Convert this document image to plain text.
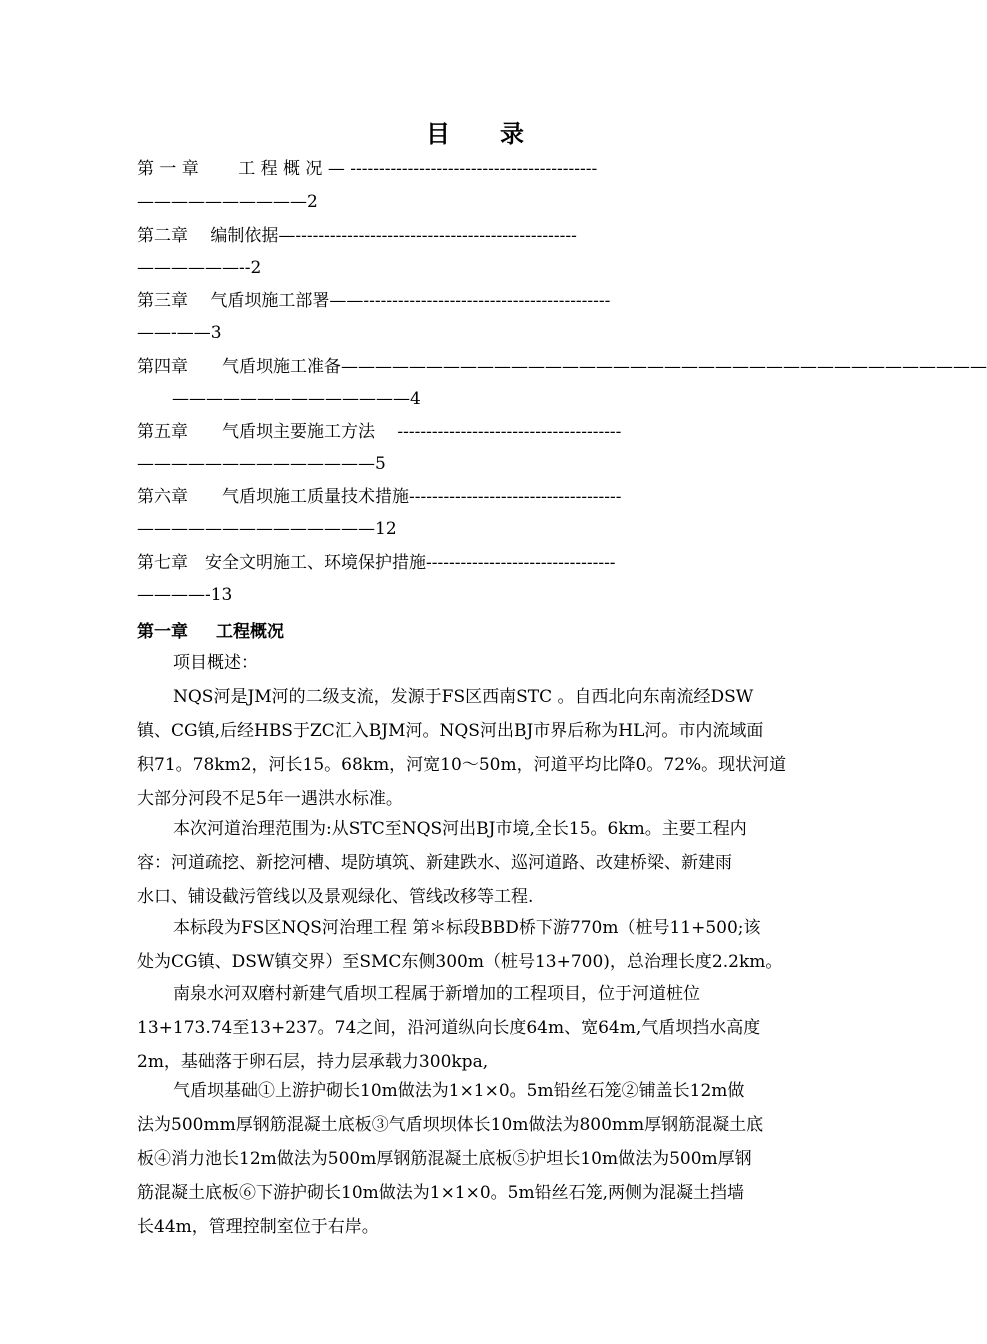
目 录
第 一 章　　 工 程 概 况 — -------------------------------------------
——————————2
第二章　 编制依据—-------------------------------------------------
——————--2
第三章　 气盾坝施工部署——-------------------------------------------
——-——3
第四章　　气盾坝施工准备——————————————————————————————————————
——————————————4
第五章　　气盾坝主要施工方法　 ---------------------------------------
——————————————5
第六章　　气盾坝施工质量技术措施-------------------------------------
——————————————12
第七章　安全文明施工、环境保护措施---------------------------------
————-13
第一章 工程概况
项目概述：
NQS河是JM河的二级支流，发源于FS区西南STC 。自西北向东南流经DSW
镇、CG镇,后经HBS于ZC汇入BJM河。NQS河出BJ市界后称为HL河。市内流域面
积71。78km2，河长15。68km，河宽10～50m，河道平均比降0。72%。现状河道
大部分河段不足5年一遇洪水标准。
本次河道治理范围为:从STC至NQS河出BJ市境,全长15。6km。主要工程内
容：河道疏挖、新挖河槽、堤防填筑、新建跌水、巡河道路、改建桥梁、新建雨
水口、铺设截污管线以及景观绿化、管线改移等工程.
本标段为FS区NQS河治理工程 第＊标段BBD桥下游770m（桩号11+500;该
处为CG镇、DSW镇交界）至SMC东侧300m（桩号13+700)，总治理长度2.2km。
南泉水河双磨村新建气盾坝工程属于新增加的工程项目，位于河道桩位
13+173.74至13+237。74之间，沿河道纵向长度64m、宽64m,气盾坝挡水高度
2m，基础落于卵石层，持力层承载力300kpa,
气盾坝基础①上游护砌长10m做法为1×1×0。5m铅丝石笼②铺盖长12m做
法为500mm厚钢筋混凝土底板③气盾坝坝体长10m做法为800mm厚钢筋混凝土底
板④消力池长12m做法为500m厚钢筋混凝土底板⑤护坦长10m做法为500m厚钢
筋混凝土底板⑥下游护砌长10m做法为1×1×0。5m铅丝石笼,两侧为混凝土挡墙
长44m，管理控制室位于右岸。
